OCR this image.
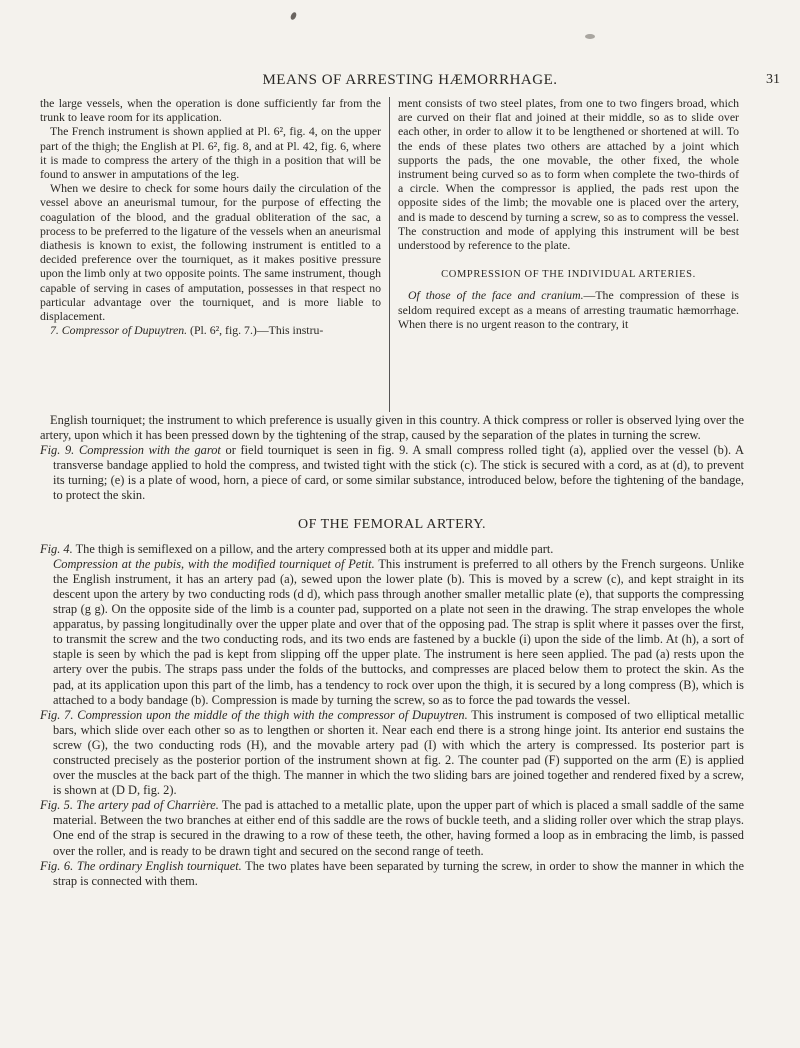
MEANS OF ARRESTING HÆMORRHAGE.	31

the large vessels, when the operation is done sufficiently far from the trunk to leave room for its application.

The French instrument is shown applied at Pl. 6², fig. 4, on the upper part of the thigh; the English at Pl. 6², fig. 8, and at Pl. 42, fig. 6, where it is made to compress the artery of the thigh in a position that will be found to answer in amputations of the leg.

When we desire to check for some hours daily the circulation of the vessel above an aneurismal tumour, for the purpose of effecting the coagulation of the blood, and the gradual obliteration of the sac, a process to be preferred to the ligature of the vessels when an aneurismal diathesis is known to exist, the following instrument is entitled to a decided preference over the tourniquet, as it makes positive pressure upon the limb only at two opposite points. The same instrument, though capable of serving in cases of amputation, possesses in that respect no particular advantage over the tourniquet, and is more liable to displacement.

7. Compressor of Dupuytren. (Pl. 6², fig. 7.)—This instru-

ment consists of two steel plates, from one to two fingers broad, which are curved on their flat and joined at their middle, so as to slide over each other, in order to allow it to be lengthened or shortened at will. To the ends of these plates two others are attached by a joint which supports the pads, the one movable, the other fixed, the whole instrument being curved so as to form when complete the two-thirds of a circle. When the compressor is applied, the pads rest upon the opposite sides of the limb; the movable one is placed over the artery, and is made to descend by turning a screw, so as to compress the vessel. The construction and mode of applying this instrument will be best understood by reference to the plate.

COMPRESSION OF THE INDIVIDUAL ARTERIES.

Of those of the face and cranium.—The compression of these is seldom required except as a means of arresting traumatic hæmorrhage. When there is no urgent reason to the contrary, it

English tourniquet; the instrument to which preference is usually given in this country. A thick compress or roller is observed lying over the artery, upon which it has been pressed down by the tightening of the strap, caused by the separation of the plates in turning the screw.

Fig. 9. Compression with the garot or field tourniquet is seen in fig. 9. A small compress rolled tight (a), applied over the vessel (b). A transverse bandage applied to hold the compress, and twisted tight with the stick (c). The stick is secured with a cord, as at (d), to prevent its turning; (e) is a plate of wood, horn, a piece of card, or some similar substance, introduced below, before the tightening of the bandage, to protect the skin.

OF THE FEMORAL ARTERY.

Fig. 4. The thigh is semiflexed on a pillow, and the artery compressed both at its upper and middle part.

Compression at the pubis, with the modified tourniquet of Petit. This instrument is preferred to all others by the French surgeons. Unlike the English instrument, it has an artery pad (a), sewed upon the lower plate (b). This is moved by a screw (c), and kept straight in its descent upon the artery by two conducting rods (d d), which pass through another smaller metallic plate (e), that supports the compressing strap (g g). On the opposite side of the limb is a counter pad, supported on a plate not seen in the drawing. The strap envelopes the whole apparatus, by passing longitudinally over the upper plate and over that of the opposing pad. The strap is split where it passes over the first, to transmit the screw and the two conducting rods, and its two ends are fastened by a buckle (i) upon the side of the limb. At (h), a sort of staple is seen by which the pad is kept from slipping off the upper plate. The instrument is here seen applied. The pad (a) rests upon the artery over the pubis. The straps pass under the folds of the buttocks, and compresses are placed below them to protect the skin. As the pad, at its application upon this part of the limb, has a tendency to rock over upon the thigh, it is secured by a long compress (B), which is attached to a body bandage (b). Compression is made by turning the screw, so as to force the pad towards the vessel.

Fig. 7. Compression upon the middle of the thigh with the compressor of Dupuytren. This instrument is composed of two elliptical metallic bars, which slide over each other so as to lengthen or shorten it. Near each end there is a strong hinge joint. Its anterior end sustains the screw (G), the two conducting rods (H), and the movable artery pad (I) with which the artery is compressed. Its posterior part is constructed precisely as the posterior portion of the instrument shown at fig. 2. The counter pad (F) supported on the arm (E) is applied over the muscles at the back part of the thigh. The manner in which the two sliding bars are joined together and rendered fixed by a screw, is shown at (D D, fig. 2).

Fig. 5. The artery pad of Charrière. The pad is attached to a metallic plate, upon the upper part of which is placed a small saddle of the same material. Between the two branches at either end of this saddle are the rows of buckle teeth, and a sliding roller over which the strap plays. One end of the strap is secured in the drawing to a row of these teeth, the other, having formed a loop as in embracing the limb, is passed over the roller, and is ready to be drawn tight and secured on the second range of teeth.

Fig. 6. The ordinary English tourniquet. The two plates have been separated by turning the screw, in order to show the manner in which the strap is connected with them.
